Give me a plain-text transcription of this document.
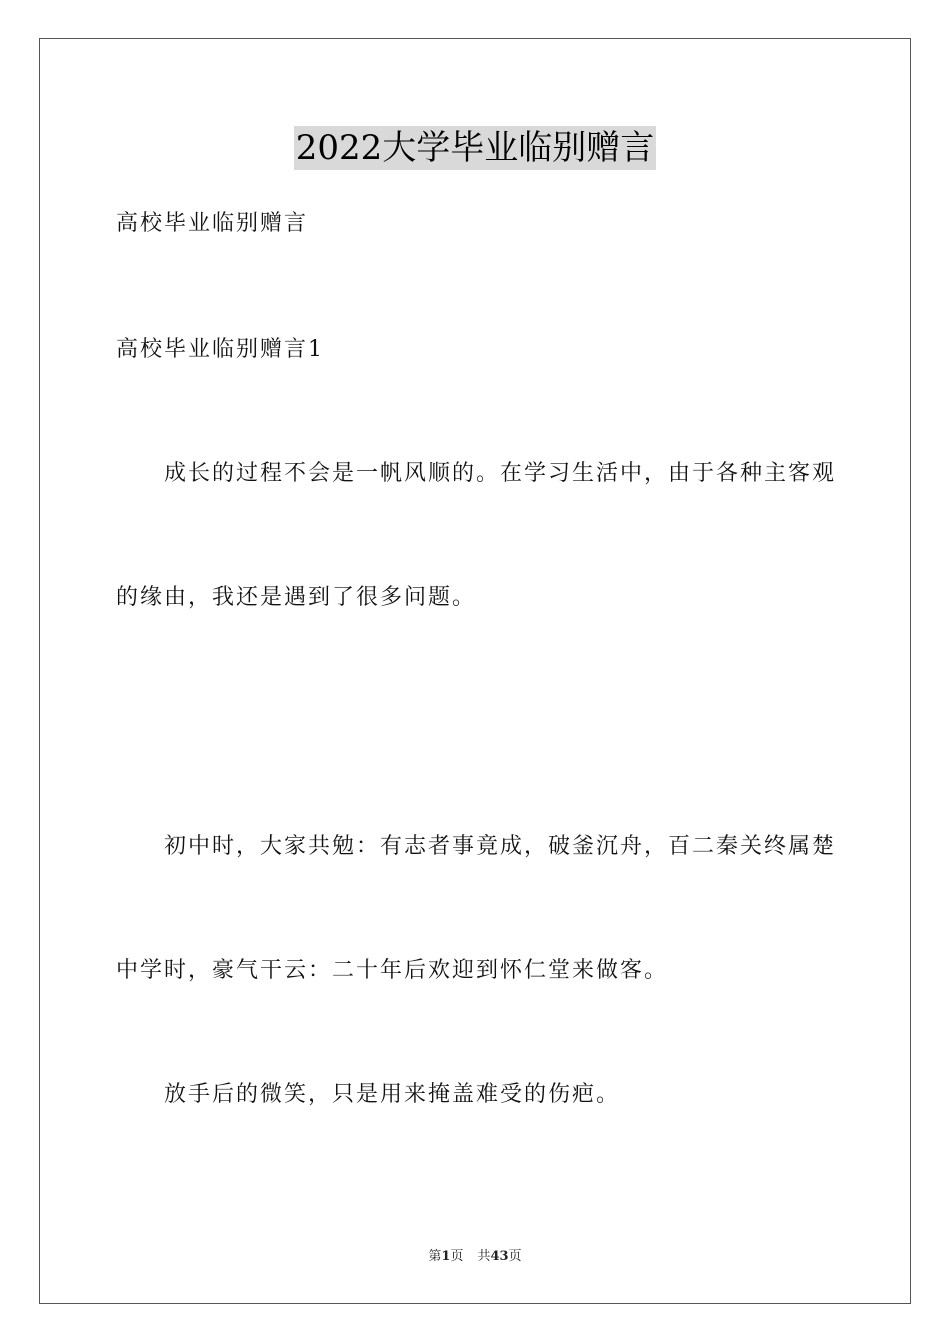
2022大学毕业临别赠言
高校毕业临别赠言
高校毕业临别赠言1
成长的过程不会是一帆风顺的。在学习生活中，由于各种主客观
的缘由，我还是遇到了很多问题。
初中时，大家共勉：有志者事竟成，破釜沉舟，百二秦关终属楚
中学时，豪气干云：二十年后欢迎到怀仁堂来做客。
放手后的微笑，只是用来掩盖难受的伤疤。
第1页 共43页
